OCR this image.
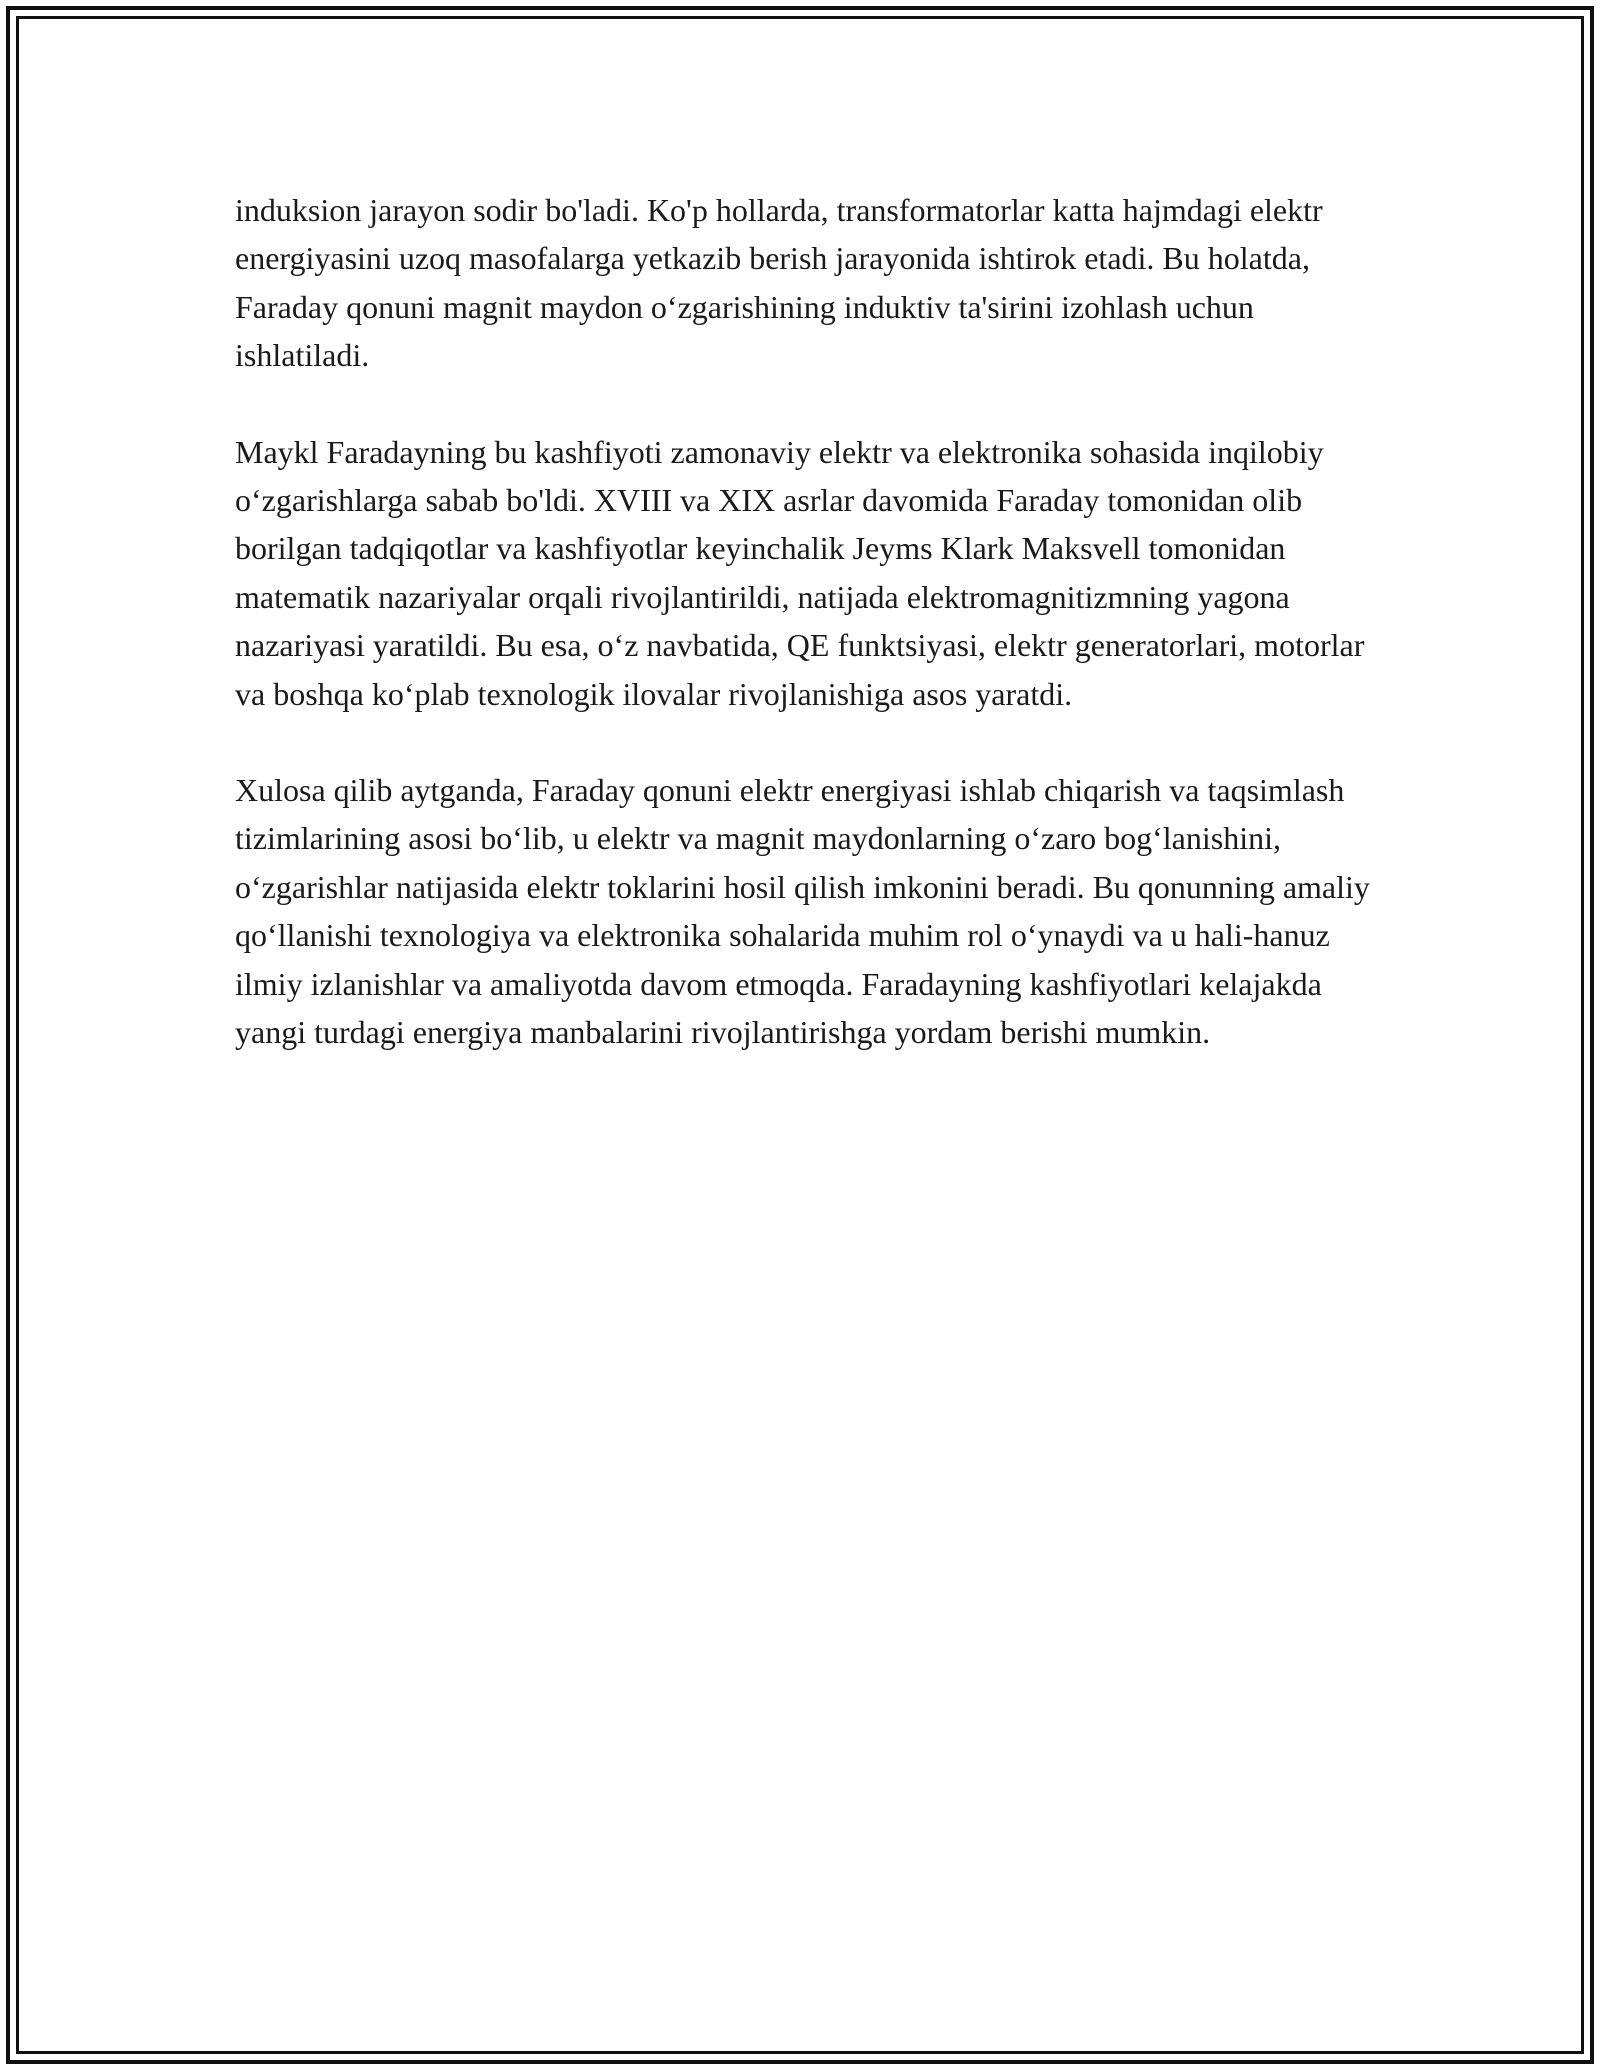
induksion jarayon sodir bo'ladi. Ko'p hollarda, transformatorlar katta hajmdagi elektr energiyasini uzoq masofalarga yetkazib berish jarayonida ishtirok etadi. Bu holatda, Faraday qonuni magnit maydon o‘zgarishining induktiv ta'sirini izohlash uchun ishlatiladi.

Maykl Faradayning bu kashfiyoti zamonaviy elektr va elektronika sohasida inqilobiy o‘zgarishlarga sabab bo'ldi. XVIII va XIX asrlar davomida Faraday tomonidan olib borilgan tadqiqotlar va kashfiyotlar keyinchalik Jeyms Klark Maksvell tomonidan matematik nazariyalar orqali rivojlantirildi, natijada elektromagnitizmning yagona nazariyasi yaratildi. Bu esa, o‘z navbatida, QE funktsiyasi, elektr generatorlari, motorlar va boshqa ko‘plab texnologik ilovalar rivojlanishiga asos yaratdi.

Xulosa qilib aytganda, Faraday qonuni elektr energiyasi ishlab chiqarish va taqsimlash tizimlarining asosi bo‘lib, u elektr va magnit maydonlarning o‘zaro bog‘lanishini, o‘zgarishlar natijasida elektr toklarini hosil qilish imkonini beradi. Bu qonunning amaliy qo‘llanishi texnologiya va elektronika sohalarida muhim rol o‘ynaydi va u hali-hanuz ilmiy izlanishlar va amaliyotda davom etmoqda. Faradayning kashfiyotlari kelajakda yangi turdagi energiya manbalarini rivojlantirishga yordam berishi mumkin.
